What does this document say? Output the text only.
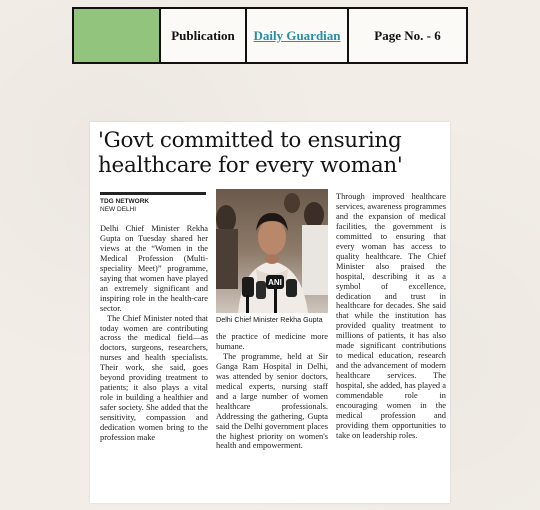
Publication	Daily Guardian	Page No. - 6
'Govt committed to ensuring
healthcare for every woman'
TDG NETWORK
NEW DELHI

Delhi Chief Minister Rekha Gupta on Tuesday shared her views at the “Women in the Medical Profession (Multi-speciality Meet)” programme, saying that women have played an extremely significant and inspiring role in the health-care sector.

The Chief Minister noted that today women are contributing across the medical field—as doctors, surgeons, researchers, nurses and health specialists. Their work, she said, goes beyond providing treatment to patients; it also plays a vital role in building a healthier and safer society. She added that the sensitivity, compassion and dedication women bring to the profession make

ANI
Delhi Chief Minister Rekha Gupta

the practice of medicine more humane.

The programme, held at Sir Ganga Ram Hospital in Delhi, was attended by senior doctors, medical experts, nursing staff and a large number of women healthcare professionals. Addressing the gathering, Gupta said the Delhi government places the highest priority on women's health and empowerment.

Through improved healthcare services, awareness programmes and the expansion of medical facilities, the government is committed to ensuring that every woman has access to quality healthcare. The Chief Minister also praised the hospital, describing it as a symbol of excellence, dedication and trust in healthcare for decades. She said that while the institution has provided quality treatment to millions of patients, it has also made significant contributions to medical education, research and the advancement of modern healthcare services. The hospital, she added, has played a commendable role in encouraging women in the medical profession and providing them opportunities to take on leadership roles.
